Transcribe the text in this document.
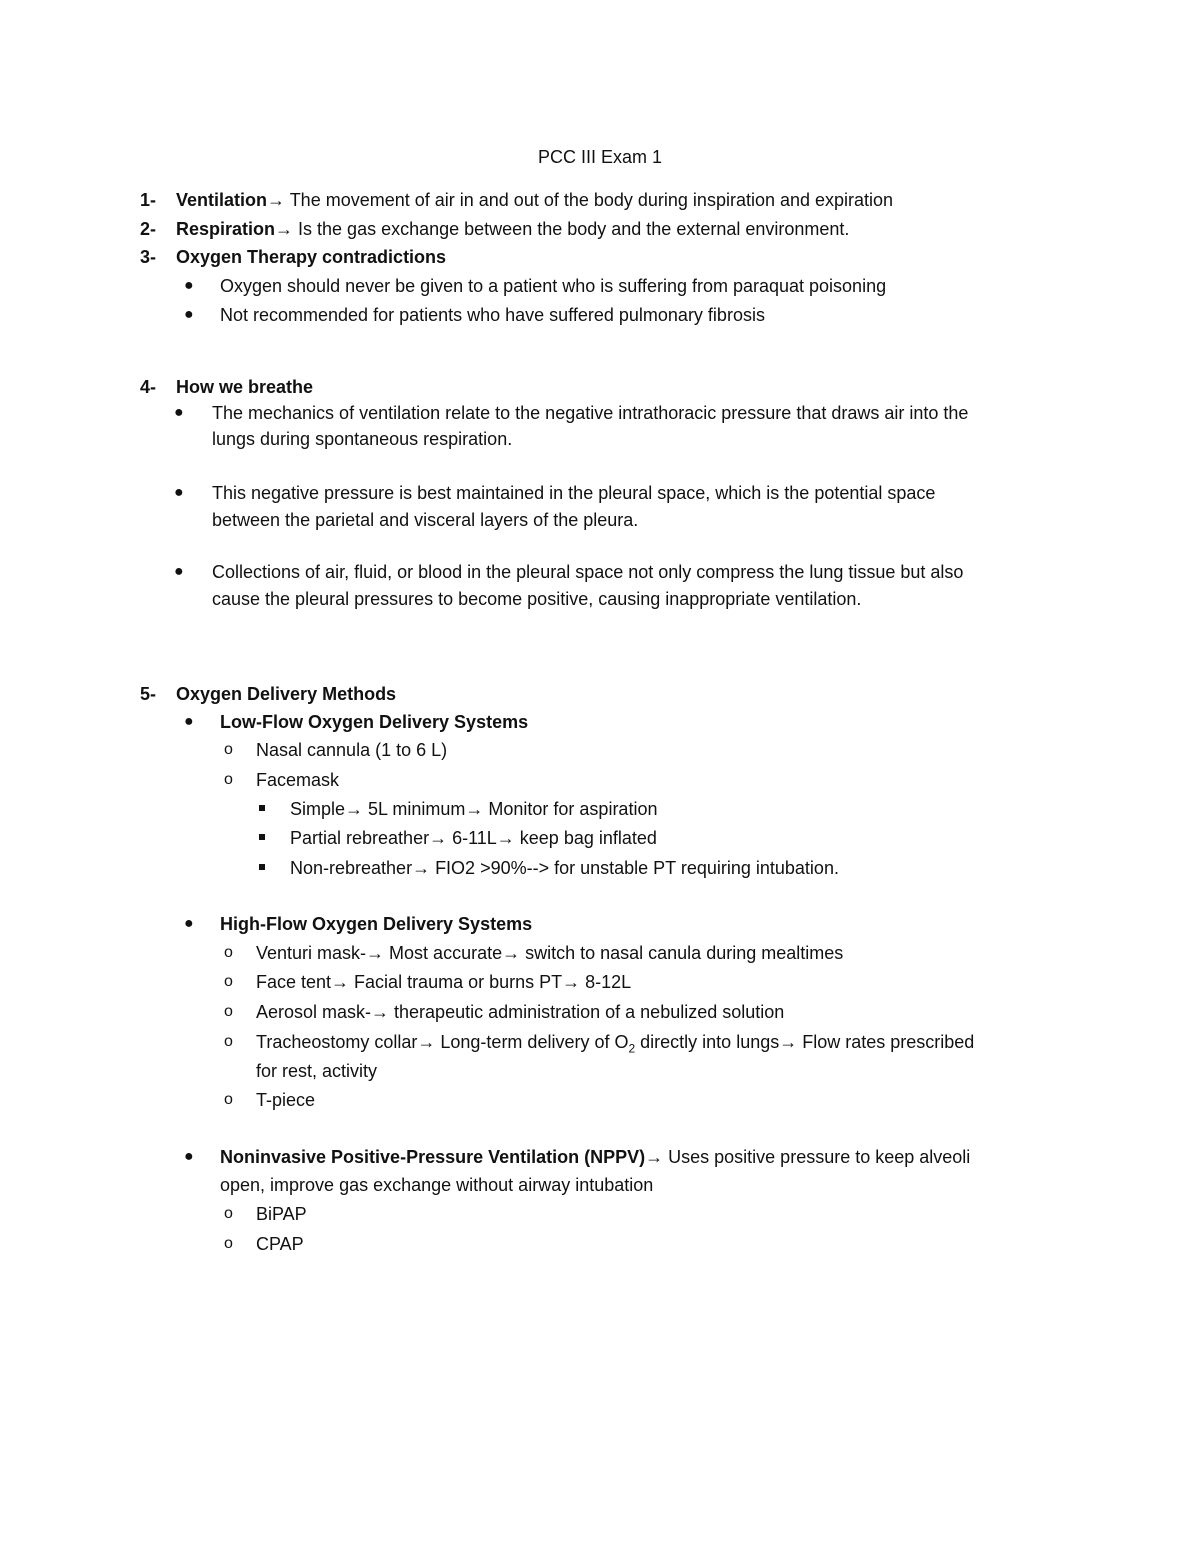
PCC III Exam 1
1- Ventilation→ The movement of air in and out of the body during inspiration and expiration
2- Respiration→ Is the gas exchange between the body and the external environment.
3- Oxygen Therapy contradictions
● Oxygen should never be given to a patient who is suffering from paraquat poisoning
● Not recommended for patients who have suffered pulmonary fibrosis
4- How we breathe
● The mechanics of ventilation relate to the negative intrathoracic pressure that draws air into the
lungs during spontaneous respiration.
● This negative pressure is best maintained in the pleural space, which is the potential space
between the parietal and visceral layers of the pleura.
● Collections of air, fluid, or blood in the pleural space not only compress the lung tissue but also
cause the pleural pressures to become positive, causing inappropriate ventilation.
5- Oxygen Delivery Methods
● Low-Flow Oxygen Delivery Systems
o Nasal cannula (1 to 6 L)
o Facemask
Simple→ 5L minimum→ Monitor for aspiration
Partial rebreather→ 6-11L→ keep bag inflated
Non-rebreather→ FIO2 >90%--> for unstable PT requiring intubation.
● High-Flow Oxygen Delivery Systems
o Venturi mask-→ Most accurate→ switch to nasal canula during mealtimes
o Face tent→ Facial trauma or burns PT→ 8-12L
o Aerosol mask-→ therapeutic administration of a nebulized solution
o Tracheostomy collar→ Long-term delivery of $O_2$ directly into lungs→ Flow rates prescribed
for rest, activity
o T-piece
● Noninvasive Positive-Pressure Ventilation (NPPV)→ Uses positive pressure to keep alveoli
open, improve gas exchange without airway intubation
o BiPAP
o CPAP
